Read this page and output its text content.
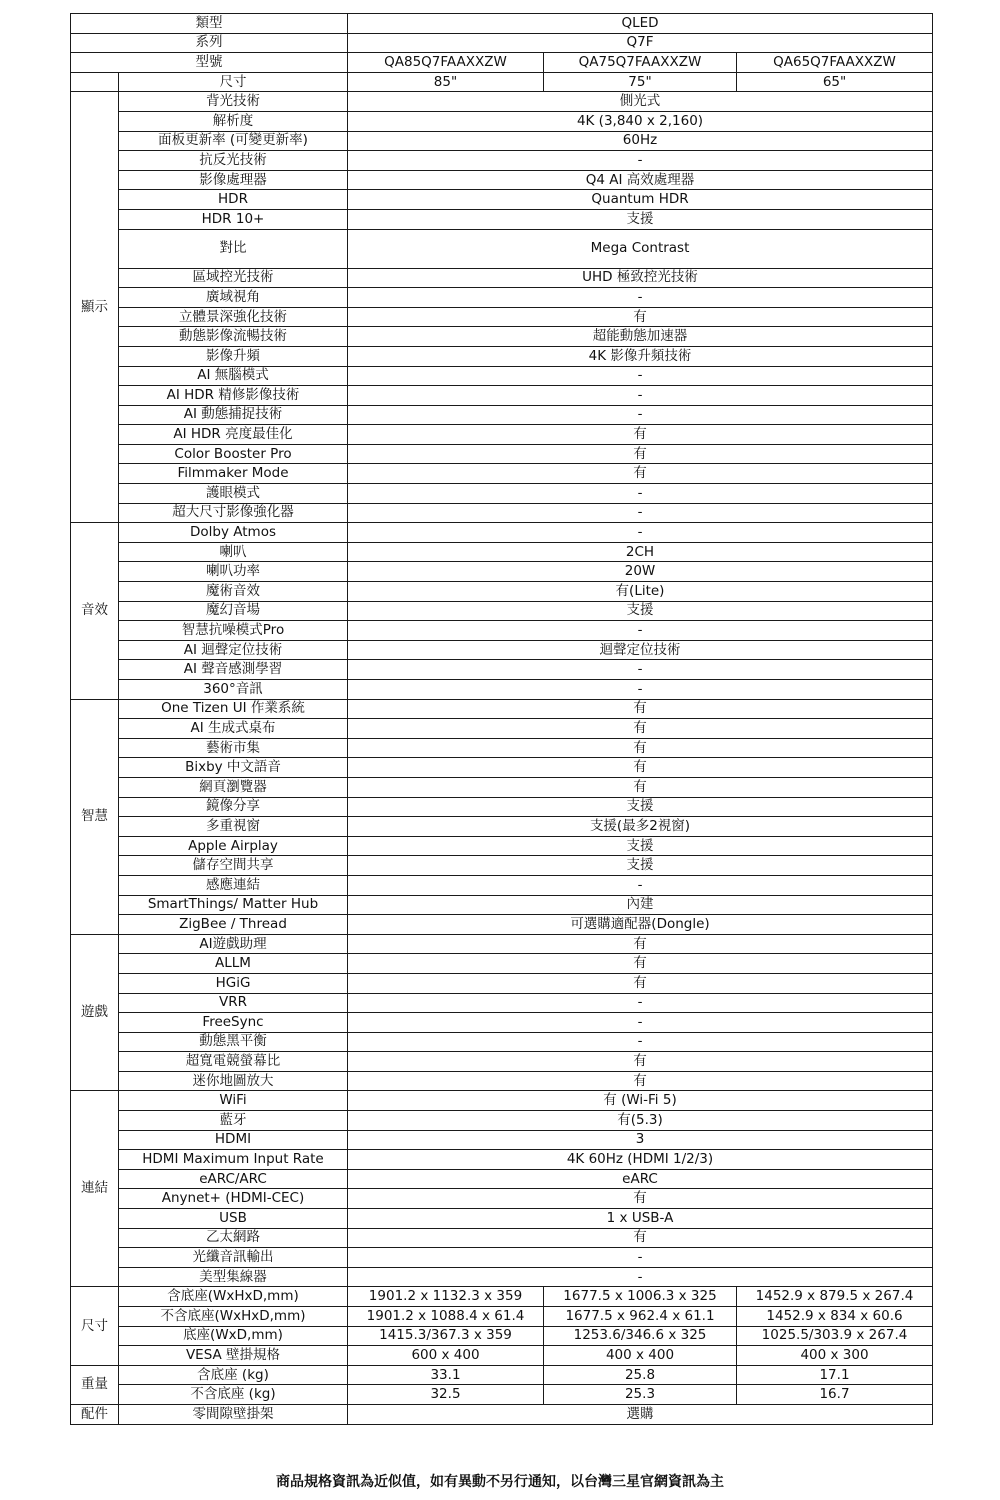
類型		QLED		
系列		Q7F		
型號		QA85Q7FAAXXZW	QA75Q7FAAXXZW	QA65Q7FAAXXZW
	尺寸	85"	75"	65"
顯示	背光技術	側光式		
	解析度	4K (3,840 x 2,160)		
	面板更新率 (可變更新率)	60Hz		
	抗反光技術	-		
	影像處理器	Q4 AI 高效處理器		
	HDR	Quantum HDR		
	HDR 10+	支援		
	對比	Mega Contrast		
	區域控光技術	UHD 極致控光技術		
	廣域視角	-		
	立體景深強化技術	有		
	動態影像流暢技術	超能動態加速器		
	影像升頻	4K 影像升頻技術		
	AI 無腦模式	-		
	AI HDR 精修影像技術	-		
	AI 動態捕捉技術	-		
	AI HDR 亮度最佳化	有		
	Color Booster Pro	有		
	Filmmaker Mode	有		
	護眼模式	-		
	超大尺寸影像強化器	-		
音效	Dolby Atmos	-		
	喇叭	2CH		
	喇叭功率	20W		
	魔術音效	有(Lite)		
	魔幻音場	支援		
	智慧抗噪模式Pro	-		
	AI 迴聲定位技術	迴聲定位技術		
	AI 聲音感測學習	-		
	360°音訊	-		
智慧	One Tizen UI 作業系統	有		
	AI 生成式桌布	有		
	藝術市集	有		
	Bixby 中文語音	有		
	網頁瀏覽器	有		
	鏡像分享	支援		
	多重視窗	支援(最多2視窗)		
	Apple Airplay	支援		
	儲存空間共享	支援		
	感應連結	-		
	SmartThings/ Matter Hub	內建		
	ZigBee / Thread	可選購適配器(Dongle)		
遊戲	AI遊戲助理	有		
	ALLM	有		
	HGiG	有		
	VRR	-		
	FreeSync	-		
	動態黑平衡	-		
	超寬電競螢幕比	有		
	迷你地圖放大	有		
連結	WiFi	有 (Wi-Fi 5)		
	藍牙	有(5.3)		
	HDMI	3		
	HDMI Maximum Input Rate	4K 60Hz (HDMI 1/2/3)		
	eARC/ARC	eARC		
	Anynet+ (HDMI-CEC)	有		
	USB	1 x USB-A		
	乙太網路	有		
	光纖音訊輸出	-		
	美型集線器	-		
尺寸	含底座(WxHxD,mm)	1901.2 x 1132.3 x 359	1677.5 x 1006.3 x 325	1452.9 x 879.5 x 267.4
	不含底座(WxHxD,mm)	1901.2 x 1088.4 x 61.4	1677.5 x 962.4 x 61.1	1452.9 x 834 x 60.6
	底座(WxD,mm)	1415.3/367.3 x 359	1253.6/346.6 x 325	1025.5/303.9 x 267.4
	VESA 壁掛規格	600 x 400	400 x 400	400 x 300
重量	含底座 (kg)	33.1	25.8	17.1
	不含底座 (kg)	32.5	25.3	16.7
配件	零間隙壁掛架	選購		
商品規格資訊為近似值，如有異動不另行通知，以台灣三星官網資訊為主
